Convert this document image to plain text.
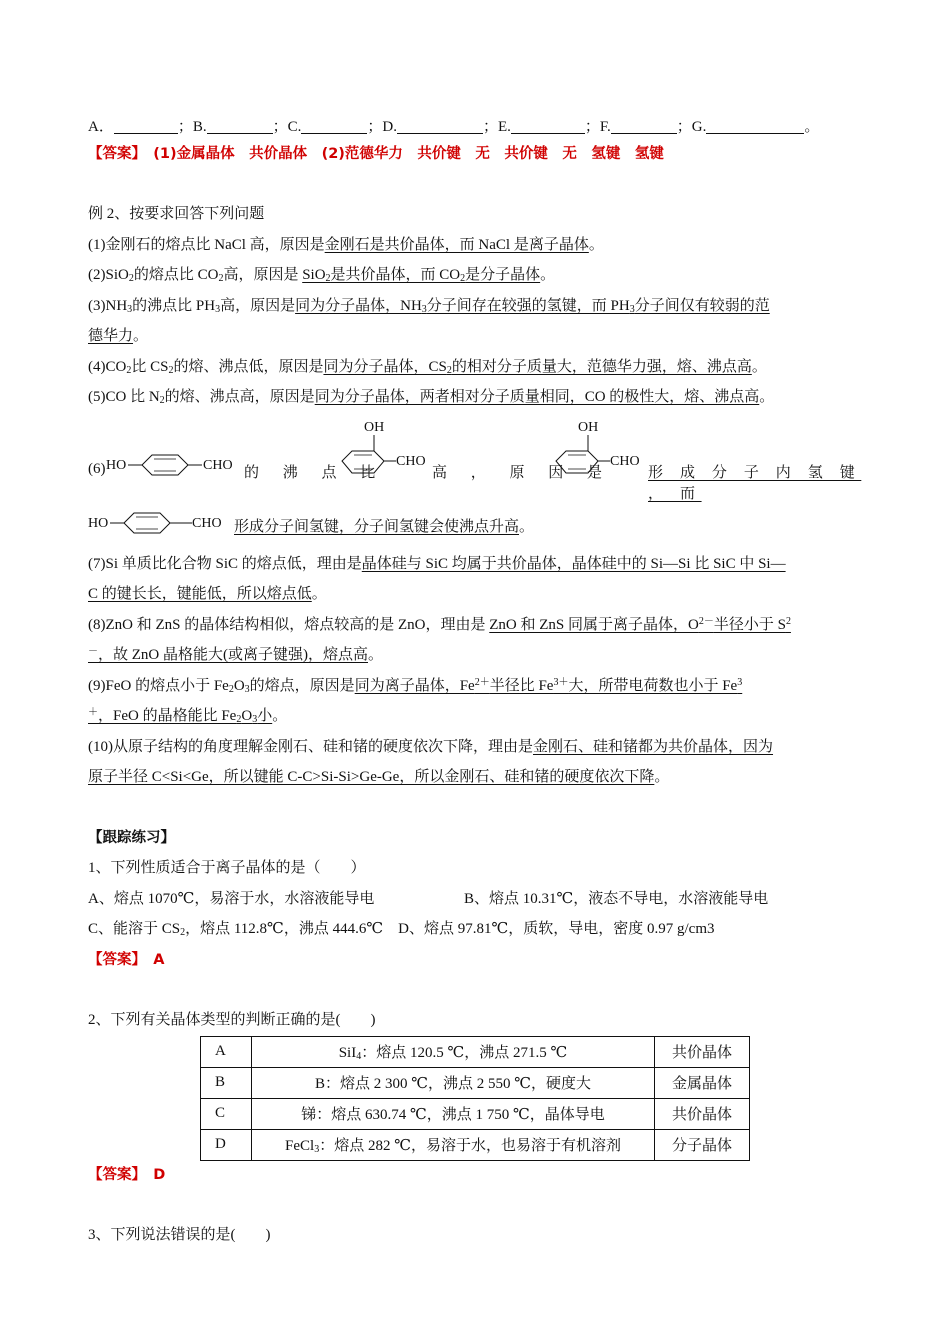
A．	；B.	；C.	；D.	；E.	；F.	；G.	。
【答案】　 (1)金属晶体　共价晶体　(2)范德华力　共价键　无　共价键　无　氢键　氢键
例 2、按要求回答下列问题
(1)金刚石的熔点比 NaCl 高，原因是金刚石是共价晶体，而 NaCl 是离子晶体。
(2)SiO$_2$的熔点比 $CO_2$高，原因是 SiO$_2$是共价晶体，而 $CO_2$是分子晶体。
$(3)NH_3$的沸点比 $PH_3$高，原因是同为分子晶体，$NH_3$分子间存在较强的氢键，而 $PH_3$分子间仅有较弱的范
德华力。
$(4)CO_2$比 $CS_2$的熔、沸点低，原因是同为分子晶体，$CS_2$的相对分子质量大，范德华力强，熔、沸点高。
(5)CO 比 $N_2$的熔、沸点高，原因是同为分子晶体，两者相对分子质量相同，CO 的极性大，熔、沸点高。
(6) HO	CHO 的 沸 点 比
OH
CHO
高 ， 原 因 是
OH
CHO
形 成 分 子 内 氢 键 ， 而
HO	CHO 形成分子间氢键，分子间氢键会使沸点升高。
(7)Si 单质比化合物 SiC 的熔点低，理由是晶体硅与 SiC 均属于共价晶体，晶体硅中的 Si—Si 比 SiC 中 Si—
C 的键长长，键能低，所以熔点低。
(8)ZnO 和 ZnS 的晶体结构相似，熔点较高的是 ZnO，理由是 ZnO 和 ZnS 同属于离子晶体，$O^{2-}$半径小于 $S^2$
－，故 ZnO 晶格能大(或离子键强)，熔点高。
(9)FeO 的熔点小于 $Fe_2O_3$的熔点，原因是同为离子晶体，$Fe^{2+}$半径比 $Fe^{3+}$大，所带电荷数也小于 Fe$^3$
＋，FeO 的晶格能比 $Fe_2O_3$小。
(10)从原子结构的角度理解金刚石、硅和锗的硬度依次下降，理由是金刚石、硅和锗都为共价晶体，因为
原子半径 C<Si<Ge，所以键能 C-C>Si-Si>Ge-Ge，所以金刚石、硅和锗的硬度依次下降。
【跟踪练习】
1、下列性质适合于离子晶体的是（　　）
A、熔点 1070℃，易溶于水，水溶液能导电	B、熔点 10.31℃，液态不导电，水溶液能导电
C、能溶于 $CS_2$，熔点 112.8℃，沸点 444.6℃　 D、熔点 97.81℃，质软，导电，密度 0.97 g/cm3
【答案】　 A
2、下列有关晶体类型的判断正确的是(　　)
A	SiI$_4$：熔点 120.5 ℃，沸点 271.5 ℃	共价晶体
B	B：熔点 2 300 ℃，沸点 2 550 ℃，硬度大	金属晶体
C	锑：熔点 630.74 ℃，沸点 1 750 ℃，晶体导电	共价晶体
D	FeCl$_3$：熔点 282 ℃，易溶于水，也易溶于有机溶剂	分子晶体
【答案】　 D
3、下列说法错误的是(　　)
